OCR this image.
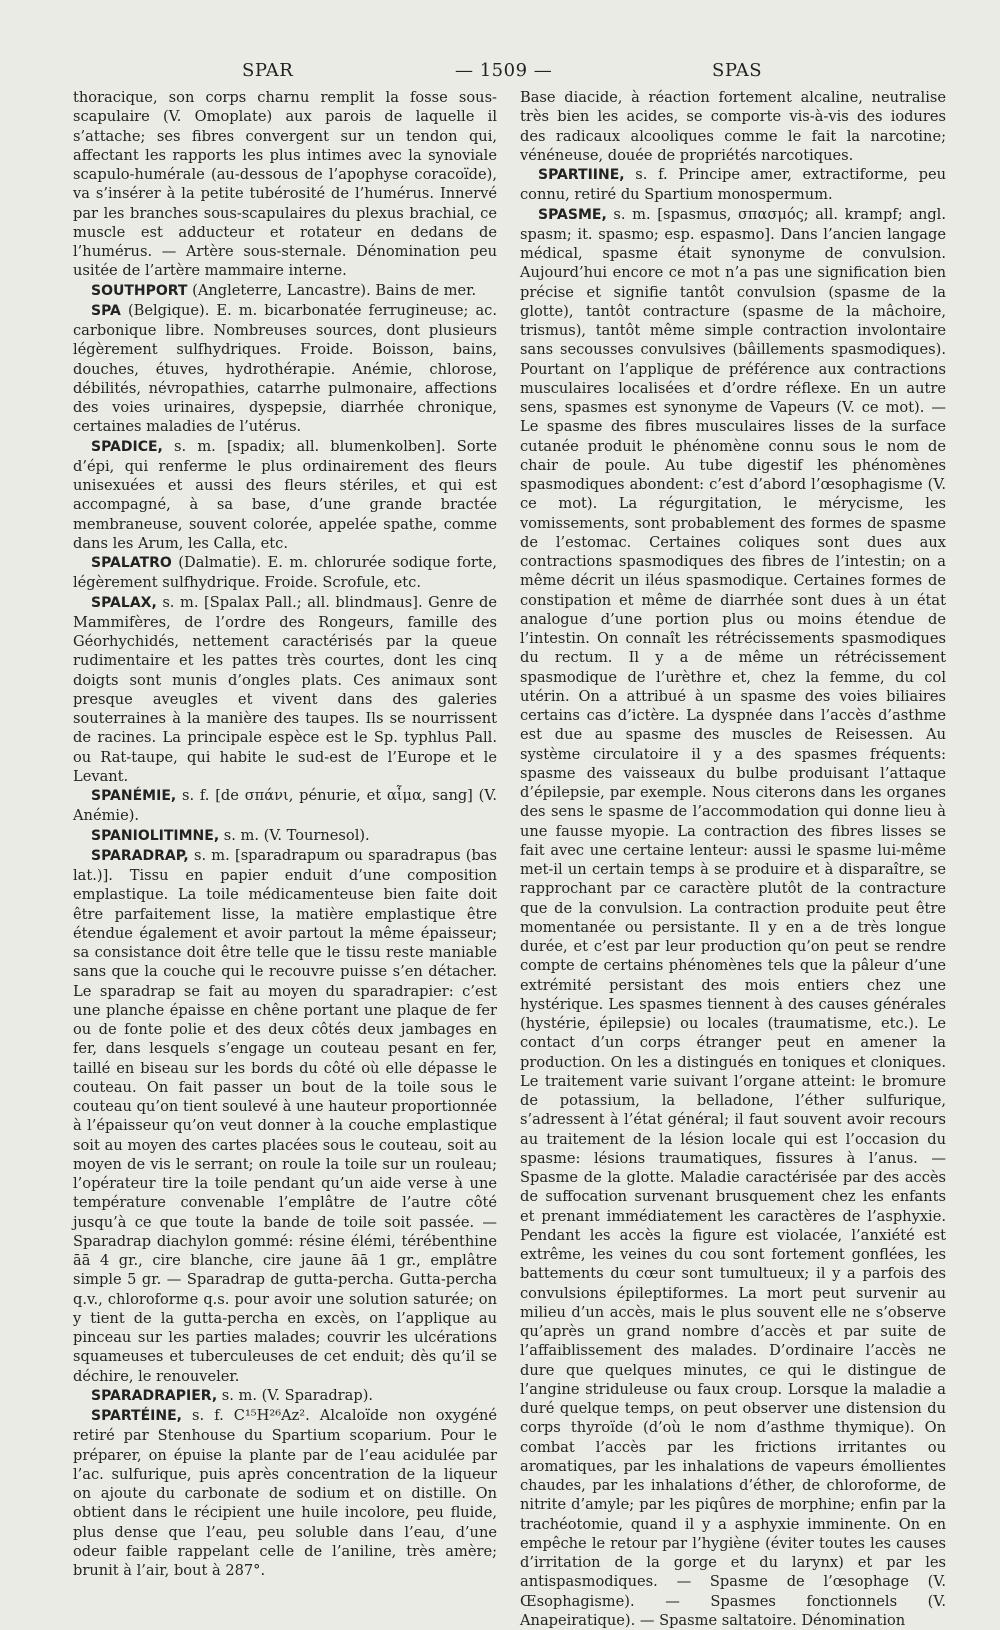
SPAR	— 1509 —	SPAS

thoracique, son corps charnu remplit la fosse sous-scapulaire (V. Omoplate) aux parois de laquelle il s’attache; ses fibres convergent sur un tendon qui, affectant les rapports les plus intimes avec la synoviale scapulo-humérale (au-dessous de l’apophyse coracoïde), va s’insérer à la petite tubérosité de l’humérus. Innervé par les branches sous-scapulaires du plexus brachial, ce muscle est adducteur et rotateur en dedans de l’humérus. — Artère sous-sternale. Dénomination peu usitée de l’artère mammaire interne.

SOUTHPORT (Angleterre, Lancastre). Bains de mer.

SPA (Belgique). E. m. bicarbonatée ferrugineuse; ac. carbonique libre. Nombreuses sources, dont plusieurs légèrement sulfhydriques. Froide. Boisson, bains, douches, étuves, hydrothérapie. Anémie, chlorose, débilités, névropathies, catarrhe pulmonaire, affections des voies urinaires, dyspepsie, diarrhée chronique, certaines maladies de l’utérus.

SPADICE, s. m. [spadix; all. blumenkolben]. Sorte d’épi, qui renferme le plus ordinairement des fleurs unisexuées et aussi des fleurs stériles, et qui est accompagné, à sa base, d’une grande bractée membraneuse, souvent colorée, appelée spathe, comme dans les Arum, les Calla, etc.

SPALATRO (Dalmatie). E. m. chlorurée sodique forte, légèrement sulfhydrique. Froide. Scrofule, etc.

SPALAX, s. m. [Spalax Pall.; all. blindmaus]. Genre de Mammifères, de l’ordre des Rongeurs, famille des Géorhychidés, nettement caractérisés par la queue rudimentaire et les pattes très courtes, dont les cinq doigts sont munis d’ongles plats. Ces animaux sont presque aveugles et vivent dans des galeries souterraines à la manière des taupes. Ils se nourrissent de racines. La principale espèce est le Sp. typhlus Pall. ou Rat-taupe, qui habite le sud-est de l’Europe et le Levant.

SPANÉMIE, s. f. [de σπάνι, pénurie, et αἷμα, sang] (V. Anémie).

SPANIOLITIMNE, s. m. (V. Tournesol).

SPARADRAP, s. m. [sparadrapum ou sparadrapus (bas lat.)]. Tissu en papier enduit d’une composition emplastique. La toile médicamenteuse bien faite doit être parfaitement lisse, la matière emplastique être étendue également et avoir partout la même épaisseur; sa consistance doit être telle que le tissu reste maniable sans que la couche qui le recouvre puisse s’en détacher. Le sparadrap se fait au moyen du sparadrapier: c’est une planche épaisse en chêne portant une plaque de fer ou de fonte polie et des deux côtés deux jambages en fer, dans lesquels s’engage un couteau pesant en fer, taillé en biseau sur les bords du côté où elle dépasse le couteau. On fait passer un bout de la toile sous le couteau qu’on tient soulevé à une hauteur proportionnée à l’épaisseur qu’on veut donner à la couche emplastique soit au moyen des cartes placées sous le couteau, soit au moyen de vis le serrant; on roule la toile sur un rouleau; l’opérateur tire la toile pendant qu’un aide verse à une température convenable l’emplâtre de l’autre côté jusqu’à ce que toute la bande de toile soit passée. — Sparadrap diachylon gommé: résine élémi, térébenthine āā 4 gr., cire blanche, cire jaune āā 1 gr., emplâtre simple 5 gr. — Sparadrap de gutta-percha. Gutta-percha q.v., chloroforme q.s. pour avoir une solution saturée; on y tient de la gutta-percha en excès, on l’applique au pinceau sur les parties malades; couvrir les ulcérations squameuses et tuberculeuses de cet enduit; dès qu’il se déchire, le renouveler.

SPARADRAPIER, s. m. (V. Sparadrap).

SPARTÉINE, s. f. C¹⁵H²⁶Az². Alcaloïde non oxygéné retiré par Stenhouse du Spartium scoparium. Pour le préparer, on épuise la plante par de l’eau acidulée par l’ac. sulfurique, puis après concentration de la liqueur on ajoute du carbonate de sodium et on distille. On obtient dans le récipient une huile incolore, peu fluide, plus dense que l’eau, peu soluble dans l’eau, d’une odeur faible rappelant celle de l’aniline, très amère; brunit à l’air, bout à 287°.

Base diacide, à réaction fortement alcaline, neutralise très bien les acides, se comporte vis-à-vis des iodures des radicaux alcooliques comme le fait la narcotine; vénéneuse, douée de propriétés narcotiques.

SPARTIINE, s. f. Principe amer, extractiforme, peu connu, retiré du Spartium monospermum.

SPASME, s. m. [spasmus, σπασμός; all. krampf; angl. spasm; it. spasmo; esp. espasmo]. Dans l’ancien langage médical, spasme était synonyme de convulsion. Aujourd’hui encore ce mot n’a pas une signification bien précise et signifie tantôt convulsion (spasme de la glotte), tantôt contracture (spasme de la mâchoire, trismus), tantôt même simple contraction involontaire sans secousses convulsives (bâillements spasmodiques). Pourtant on l’applique de préférence aux contractions musculaires localisées et d’ordre réflexe. En un autre sens, spasmes est synonyme de Vapeurs (V. ce mot). — Le spasme des fibres musculaires lisses de la surface cutanée produit le phénomène connu sous le nom de chair de poule. Au tube digestif les phénomènes spasmodiques abondent: c’est d’abord l’œsophagisme (V. ce mot). La régurgitation, le mérycisme, les vomissements, sont probablement des formes de spasme de l’estomac. Certaines coliques sont dues aux contractions spasmodiques des fibres de l’intestin; on a même décrit un iléus spasmodique. Certaines formes de constipation et même de diarrhée sont dues à un état analogue d’une portion plus ou moins étendue de l’intestin. On connaît les rétrécissements spasmodiques du rectum. Il y a de même un rétrécissement spasmodique de l’urèthre et, chez la femme, du col utérin. On a attribué à un spasme des voies biliaires certains cas d’ictère. La dyspnée dans l’accès d’asthme est due au spasme des muscles de Reisessen. Au système circulatoire il y a des spasmes fréquents: spasme des vaisseaux du bulbe produisant l’attaque d’épilepsie, par exemple. Nous citerons dans les organes des sens le spasme de l’accommodation qui donne lieu à une fausse myopie. La contraction des fibres lisses se fait avec une certaine lenteur: aussi le spasme lui-même met-il un certain temps à se produire et à disparaître, se rapprochant par ce caractère plutôt de la contracture que de la convulsion. La contraction produite peut être momentanée ou persistante. Il y en a de très longue durée, et c’est par leur production qu’on peut se rendre compte de certains phénomènes tels que la pâleur d’une extrémité persistant des mois entiers chez une hystérique. Les spasmes tiennent à des causes générales (hystérie, épilepsie) ou locales (traumatisme, etc.). Le contact d’un corps étranger peut en amener la production. On les a distingués en toniques et cloniques. Le traitement varie suivant l’organe atteint: le bromure de potassium, la belladone, l’éther sulfurique, s’adressent à l’état général; il faut souvent avoir recours au traitement de la lésion locale qui est l’occasion du spasme: lésions traumatiques, fissures à l’anus. — Spasme de la glotte. Maladie caractérisée par des accès de suffocation survenant brusquement chez les enfants et prenant immédiatement les caractères de l’asphyxie. Pendant les accès la figure est violacée, l’anxiété est extrême, les veines du cou sont fortement gonflées, les battements du cœur sont tumultueux; il y a parfois des convulsions épileptiformes. La mort peut survenir au milieu d’un accès, mais le plus souvent elle ne s’observe qu’après un grand nombre d’accès et par suite de l’affaiblissement des malades. D’ordinaire l’accès ne dure que quelques minutes, ce qui le distingue de l’angine striduleuse ou faux croup. Lorsque la maladie a duré quelque temps, on peut observer une distension du corps thyroïde (d’où le nom d’asthme thymique). On combat l’accès par les frictions irritantes ou aromatiques, par les inhalations de vapeurs émollientes chaudes, par les inhalations d’éther, de chloroforme, de nitrite d’amyle; par les piqûres de morphine; enfin par la trachéotomie, quand il y a asphyxie imminente. On en empêche le retour par l’hygiène (éviter toutes les causes d’irritation de la gorge et du larynx) et par les antispasmodiques. — Spasme de l’œsophage (V. Œsophagisme). — Spasmes fonctionnels (V. Anapeiratique). — Spasme saltatoire. Dénomination
